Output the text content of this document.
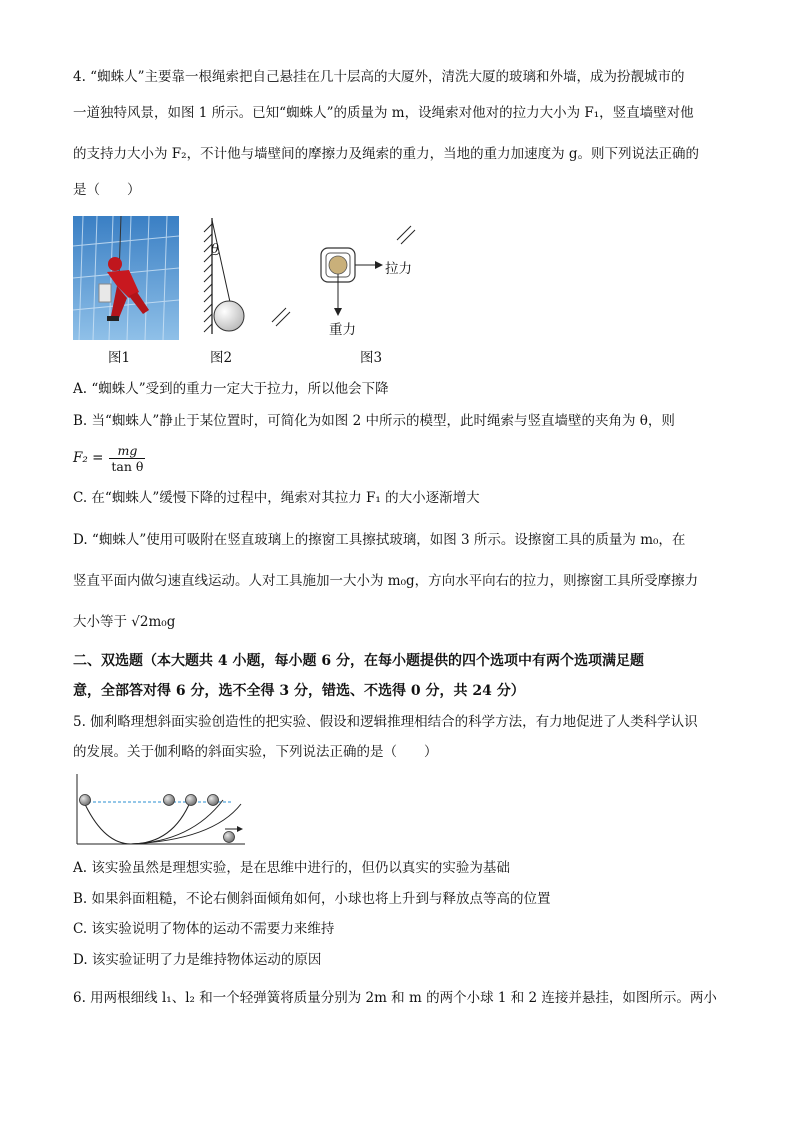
4. “蜘蛛人”主要靠一根绳索把自己悬挂在几十层高的大厦外，清洗大厦的玻璃和外墙，成为扮靓城市的
一道独特风景，如图 1 所示。已知“蜘蛛人”的质量为 m，设绳索对他对的拉力大小为 F₁，竖直墙壁对他
的支持力大小为 F₂，不计他与墙壁间的摩擦力及绳索的重力，当地的重力加速度为 g。则下列说法正确的
是（　　）
图1
θ
图2
拉力
重力
图3
A. “蜘蛛人”受到的重力一定大于拉力，所以他会下降
B. 当“蜘蛛人”静止于某位置时，可简化为如图 2 中所示的模型，此时绳索与竖直墙壁的夹角为 θ，则
$F_2 = \frac{mg}{\text{tan θ}}$
C. 在“蜘蛛人”缓慢下降的过程中，绳索对其拉力 F₁ 的大小逐渐增大
D. “蜘蛛人”使用可吸附在竖直玻璃上的擦窗工具擦拭玻璃，如图 3 所示。设擦窗工具的质量为 m₀，在
竖直平面内做匀速直线运动。人对工具施加一大小为 m₀g，方向水平向右的拉力，则擦窗工具所受摩擦力
大小等于 √2m₀g
二、双选题（本大题共 4 小题，每小题 6 分，在每小题提供的四个选项中有两个选项满足题
意，全部答对得 6 分，选不全得 3 分，错选、不选得 0 分，共 24 分）
5. 伽利略理想斜面实验创造性的把实验、假设和逻辑推理相结合的科学方法，有力地促进了人类科学认识
的发展。关于伽利略的斜面实验，下列说法正确的是（　　）
A. 该实验虽然是理想实验，是在思维中进行的，但仍以真实的实验为基础
B. 如果斜面粗糙，不论右侧斜面倾角如何，小球也将上升到与释放点等高的位置
C. 该实验说明了物体的运动不需要力来维持
D. 该实验证明了力是维持物体运动的原因
6. 用两根细线 l₁、l₂ 和一个轻弹簧将质量分别为 2m 和 m 的两个小球 1 和 2 连接并悬挂，如图所示。两小
